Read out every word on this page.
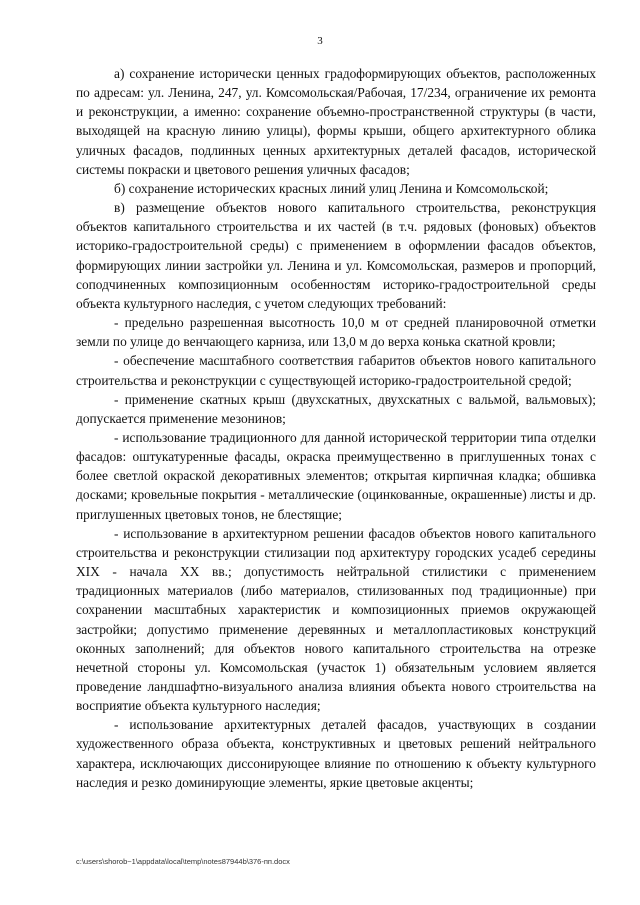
3

а) сохранение исторически ценных градоформирующих объектов, расположенных по адресам: ул. Ленина, 247, ул. Комсомольская/Рабочая, 17/234, ограничение их ремонта и реконструкции, а именно: сохранение объемно-пространственной структуры (в части, выходящей на красную линию улицы), формы крыши, общего архитектурного облика уличных фасадов, подлинных ценных архитектурных деталей фасадов, исторической системы покраски и цветового решения уличных фасадов;

б) сохранение исторических красных линий улиц Ленина и Комсомольской;

в) размещение объектов нового капитального строительства, реконструкция объектов капитального строительства и их частей (в т.ч. рядовых (фоновых) объектов историко-градостроительной среды) с применением в оформлении фасадов объектов, формирующих линии застройки ул. Ленина и ул. Комсомольская, размеров и пропорций, соподчиненных композиционным особенностям историко-градостроительной среды объекта культурного наследия, с учетом следующих требований:

- предельно разрешенная высотность 10,0 м от средней планировочной отметки земли по улице до венчающего карниза, или 13,0 м до верха конька скатной кровли;

- обеспечение масштабного соответствия габаритов объектов нового капитального строительства и реконструкции с существующей историко-градостроительной средой;

- применение скатных крыш (двухскатных, двухскатных с вальмой, вальмовых); допускается применение мезонинов;

- использование традиционного для данной исторической территории типа отделки фасадов: оштукатуренные фасады, окраска преимущественно в приглушенных тонах с более светлой окраской декоративных элементов; открытая кирпичная кладка; обшивка досками; кровельные покрытия - металлические (оцинкованные, окрашенные) листы и др. приглушенных цветовых тонов, не блестящие;

- использование в архитектурном решении фасадов объектов нового капитального строительства и реконструкции стилизации под архитектуру городских усадеб середины XIX - начала XX вв.; допустимость нейтральной стилистики с применением традиционных материалов (либо материалов, стилизованных под традиционные) при сохранении масштабных характеристик и композиционных приемов окружающей застройки; допустимо применение деревянных и металлопластиковых конструкций оконных заполнений; для объектов нового капитального строительства на отрезке нечетной стороны ул. Комсомольская (участок 1) обязательным условием является проведение ландшафтно-визуального анализа влияния объекта нового строительства на восприятие объекта культурного наследия;

- использование архитектурных деталей фасадов, участвующих в создании художественного образа объекта, конструктивных и цветовых решений нейтрального характера, исключающих диссонирующее влияние по отношению к объекту культурного наследия и резко доминирующие элементы, яркие цветовые акценты;

c:\users\shorob~1\appdata\local\temp\notes87944b\376-пп.docx
